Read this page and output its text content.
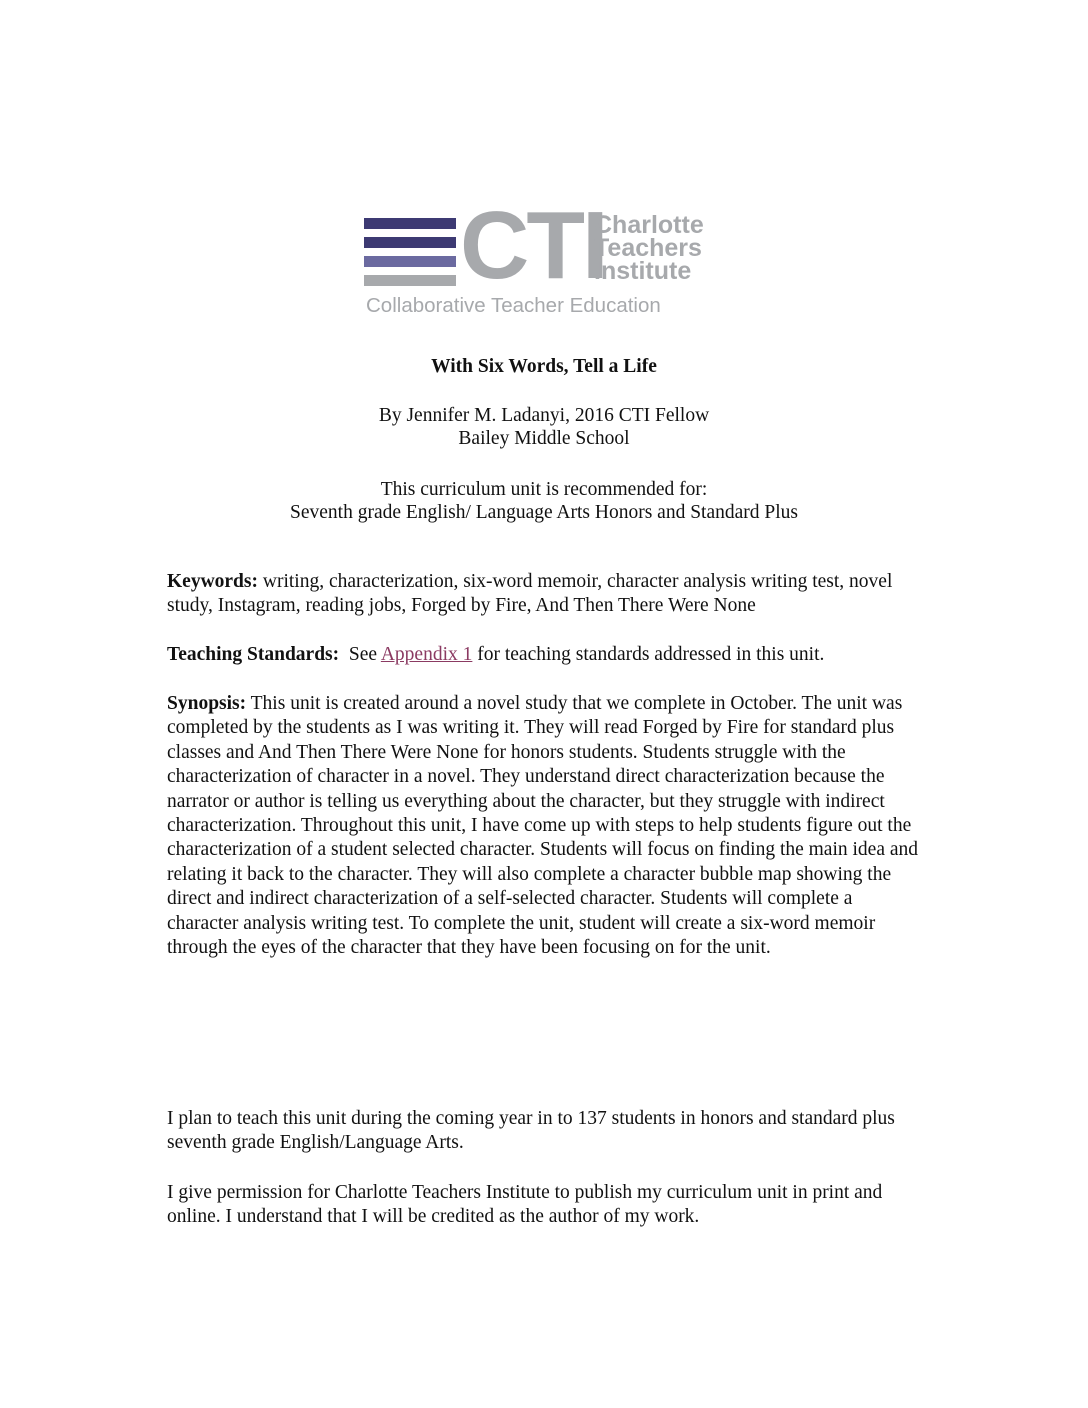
CTI
Charlotte
Teachers
Institute
Collaborative Teacher Education
With Six Words, Tell a Life
By Jennifer M. Ladanyi, 2016 CTI Fellow
Bailey Middle School
This curriculum unit is recommended for:
Seventh grade English/ Language Arts Honors and Standard Plus

Keywords: writing, characterization, six-word memoir, character analysis writing test, novel study, Instagram, reading jobs, Forged by Fire, And Then There Were None

Teaching Standards:  See Appendix 1 for teaching standards addressed in this unit.

Synopsis: This unit is created around a novel study that we complete in October. The unit was completed by the students as I was writing it. They will read Forged by Fire for standard plus classes and And Then There Were None for honors students. Students struggle with the characterization of character in a novel. They understand direct characterization because the narrator or author is telling us everything about the character, but they struggle with indirect characterization. Throughout this unit, I have come up with steps to help students figure out the characterization of a student selected character. Students will focus on finding the main idea and relating it back to the character. They will also complete a character bubble map showing the direct and indirect characterization of a self-selected character. Students will complete a character analysis writing test. To complete the unit, student will create a six-word memoir through the eyes of the character that they have been focusing on for the unit.

I plan to teach this unit during the coming year in to 137 students in honors and standard plus seventh grade English/Language Arts.

I give permission for Charlotte Teachers Institute to publish my curriculum unit in print and online. I understand that I will be credited as the author of my work.
